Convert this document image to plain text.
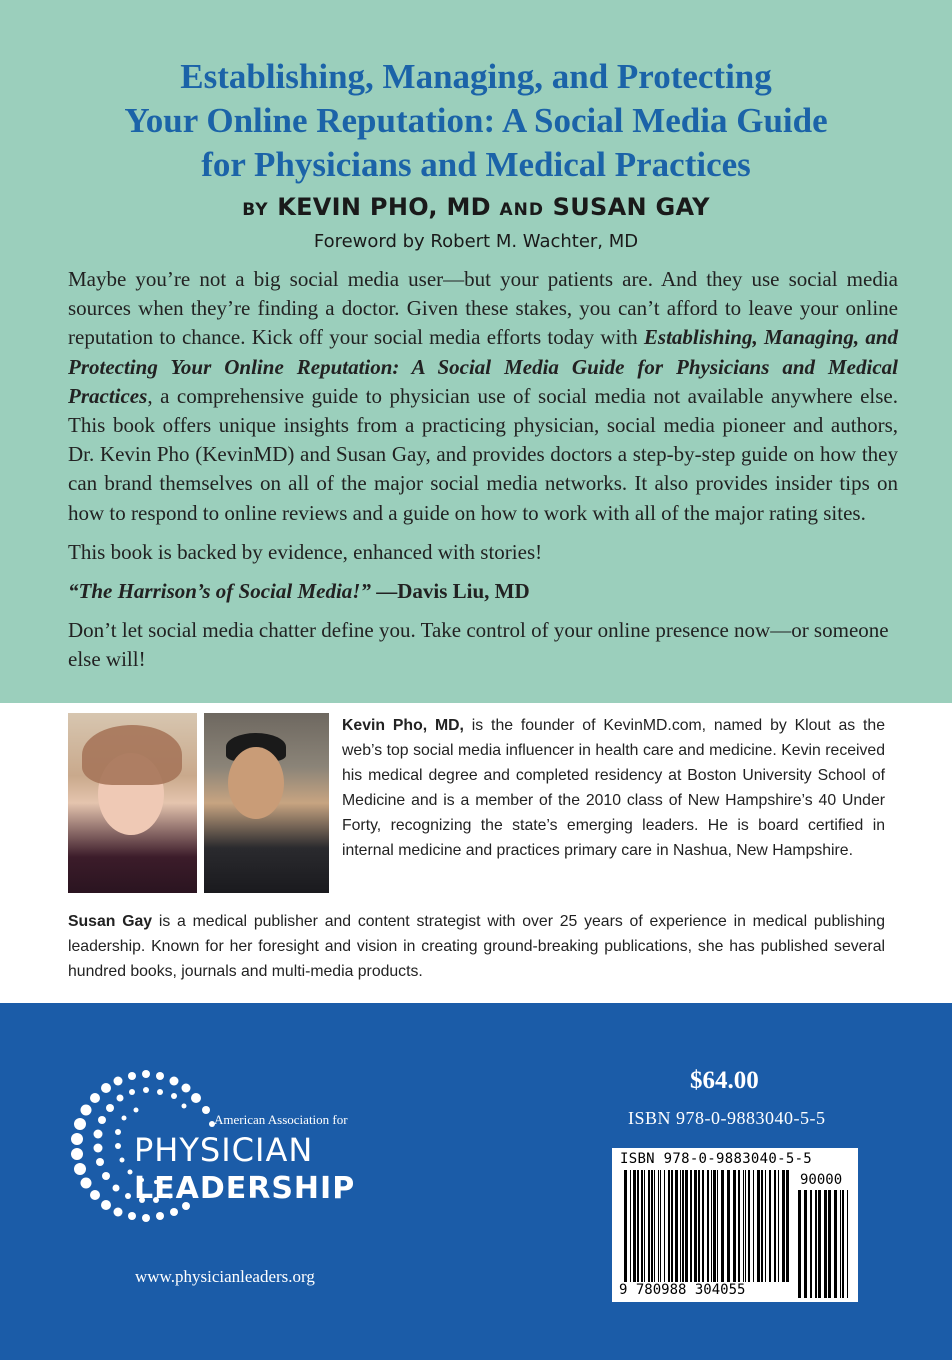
Establishing, Managing, and Protecting
Your Online Reputation: A Social Media Guide
for Physicians and Medical Practices
BY KEVIN PHO, MD AND SUSAN GAY
Foreword by Robert M. Wachter, MD

Maybe you’re not a big social media user—but your patients are. And they use social media sources when they’re finding a doctor. Given these stakes, you can’t afford to leave your online reputation to chance. Kick off your social media efforts today with Establishing, Managing, and Protecting Your Online Reputation: A Social Media Guide for Physicians and Medical Practices, a comprehensive guide to physician use of social media not available anywhere else. This book offers unique insights from a practicing physician, social media pioneer and authors, Dr. Kevin Pho (KevinMD) and Susan Gay, and provides doctors a step-by-step guide on how they can brand themselves on all of the major social media networks. It also provides insider tips on how to respond to online reviews and a guide on how to work with all of the major rating sites.

This book is backed by evidence, enhanced with stories!

“The Harrison’s of Social Media!” —Davis Liu, MD

Don’t let social media chatter define you. Take control of your online presence now—or someone else will!

Kevin Pho, MD, is the founder of KevinMD.com, named by Klout as the web’s top social media influencer in health care and medicine. Kevin received his medical degree and completed residency at Boston University School of Medicine and is a member of the 2010 class of New Hampshire’s 40 Under Forty, recognizing the state’s emerging leaders. He is board certified in internal medicine and practices primary care in Nashua, New Hampshire.
Susan Gay is a medical publisher and content strategist with over 25 years of experience in medical publishing leadership. Known for her foresight and vision in creating ground-breaking publications, she has published several hundred books, journals and multi-media products.
American Association for
PHYSICIAN
LEADERSHIP
www.physicianleaders.org
$64.00
ISBN 978-0-9883040-5-5
ISBN 978-0-9883040-5-5
90000
9 780988 304055
